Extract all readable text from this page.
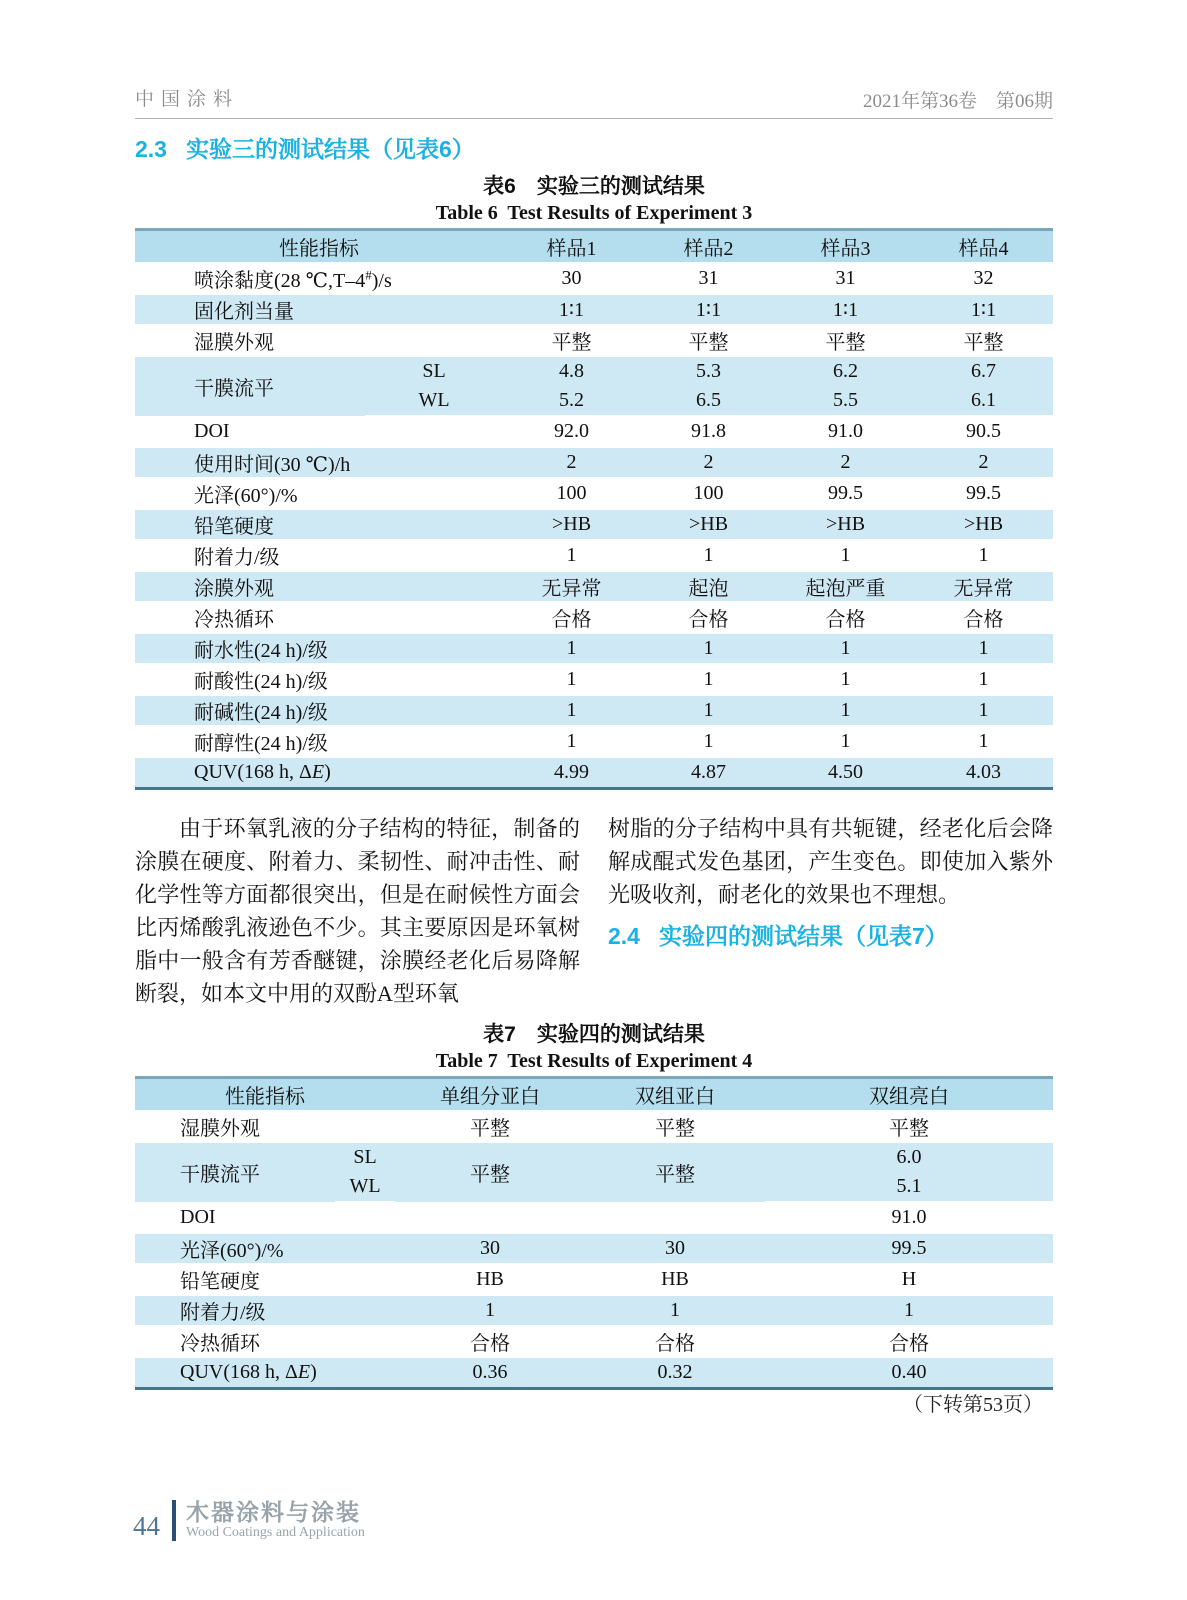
中国涂料	2021年第36卷　第06期
2.3 实验三的测试结果（见表6）
表6　实验三的测试结果
Table 6  Test Results of Experiment 3
性能指标		样品1	样品2	样品3	样品4
喷涂黏度(28 ℃,T–4#)/s		30	31	31	32
固化剂当量		1∶1	1∶1	1∶1	1∶1
湿膜外观		平整	平整	平整	平整
干膜流平	SL	4.8	5.3	6.2	6.7
	WL	5.2	6.5	5.5	6.1
DOI		92.0	91.8	91.0	90.5
使用时间(30 ℃)/h		2	2	2	2
光泽(60°)/%		100	100	99.5	99.5
铅笔硬度		>HB	>HB	>HB	>HB
附着力/级		1	1	1	1
涂膜外观		无异常	起泡	起泡严重	无异常
冷热循环		合格	合格	合格	合格
耐水性(24 h)/级		1	1	1	1
耐酸性(24 h)/级		1	1	1	1
耐碱性(24 h)/级		1	1	1	1
耐醇性(24 h)/级		1	1	1	1
QUV(168 h, ΔE)		4.99	4.87	4.50	4.03
由于环氧乳液的分子结构的特征，制备的涂膜在硬度、附着力、柔韧性、耐冲击性、耐化学性等方面都很突出，但是在耐候性方面会比丙烯酸乳液逊色不少。其主要原因是环氧树脂中一般含有芳香醚键，涂膜经老化后易降解断裂，如本文中用的双酚A型环氧
树脂的分子结构中具有共轭键，经老化后会降解成醌式发色基团，产生变色。即使加入紫外光吸收剂，耐老化的效果也不理想。
2.4 实验四的测试结果（见表7）
表7　实验四的测试结果
Table 7  Test Results of Experiment 4
性能指标		单组分亚白	双组亚白	双组亮白
湿膜外观		平整	平整	平整
干膜流平	SL	平整	平整	6.0
	WL			5.1
DOI				91.0
光泽(60°)/%		30	30	99.5
铅笔硬度		HB	HB	H
附着力/级		1	1	1
冷热循环		合格	合格	合格
QUV(168 h, ΔE)		0.36	0.32	0.40
（下转第53页）
44 木器涂料与涂装
Wood Coatings and Application
